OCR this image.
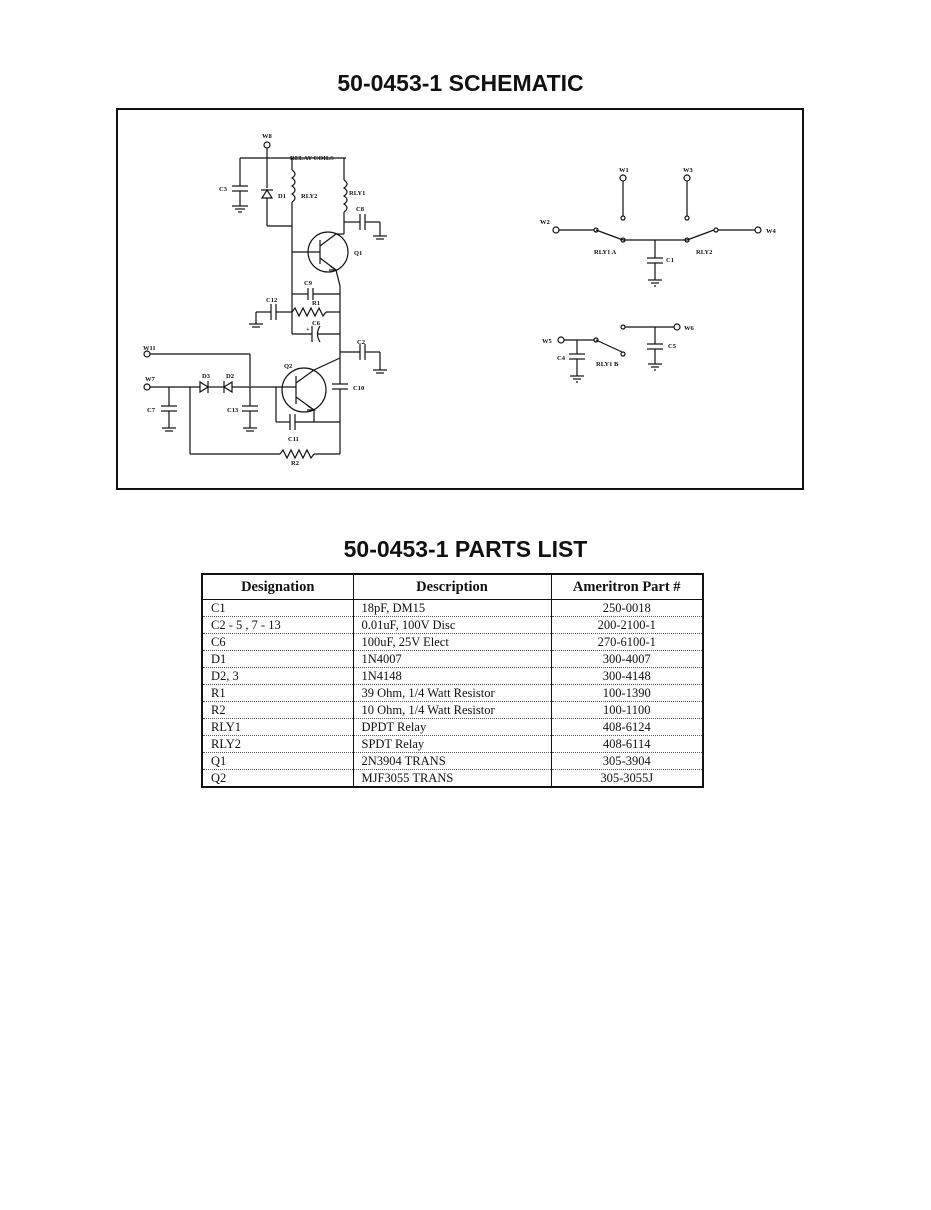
50-0453-1 SCHEMATIC
W8
RELAY COILS
C3
D1 RLY2	RLY1
C8
Q1
C9
C12	R1
C6
+
W11
C2
W7	D3 D2
Q2
C7	C13
C10
C11
R2
W1	W3
W2
W4
RLY1 A
C1
RLY2
W5
W6
C4
RLY1 B
C5
50-0453-1 PARTS LIST
Designation	Description	Ameritron Part #
C1	18pF, DM15	250-0018
C2 - 5 , 7 - 13	0.01uF, 100V Disc	200-2100-1
C6	100uF, 25V Elect	270-6100-1
D1	1N4007	300-4007
D2, 3	1N4148	300-4148
R1	39 Ohm, 1/4 Watt Resistor	100-1390
R2	10 Ohm, 1/4 Watt Resistor	100-1100
RLY1	DPDT Relay	408-6124
RLY2	SPDT Relay	408-6114
Q1	2N3904 TRANS	305-3904
Q2	MJF3055 TRANS	305-3055J
